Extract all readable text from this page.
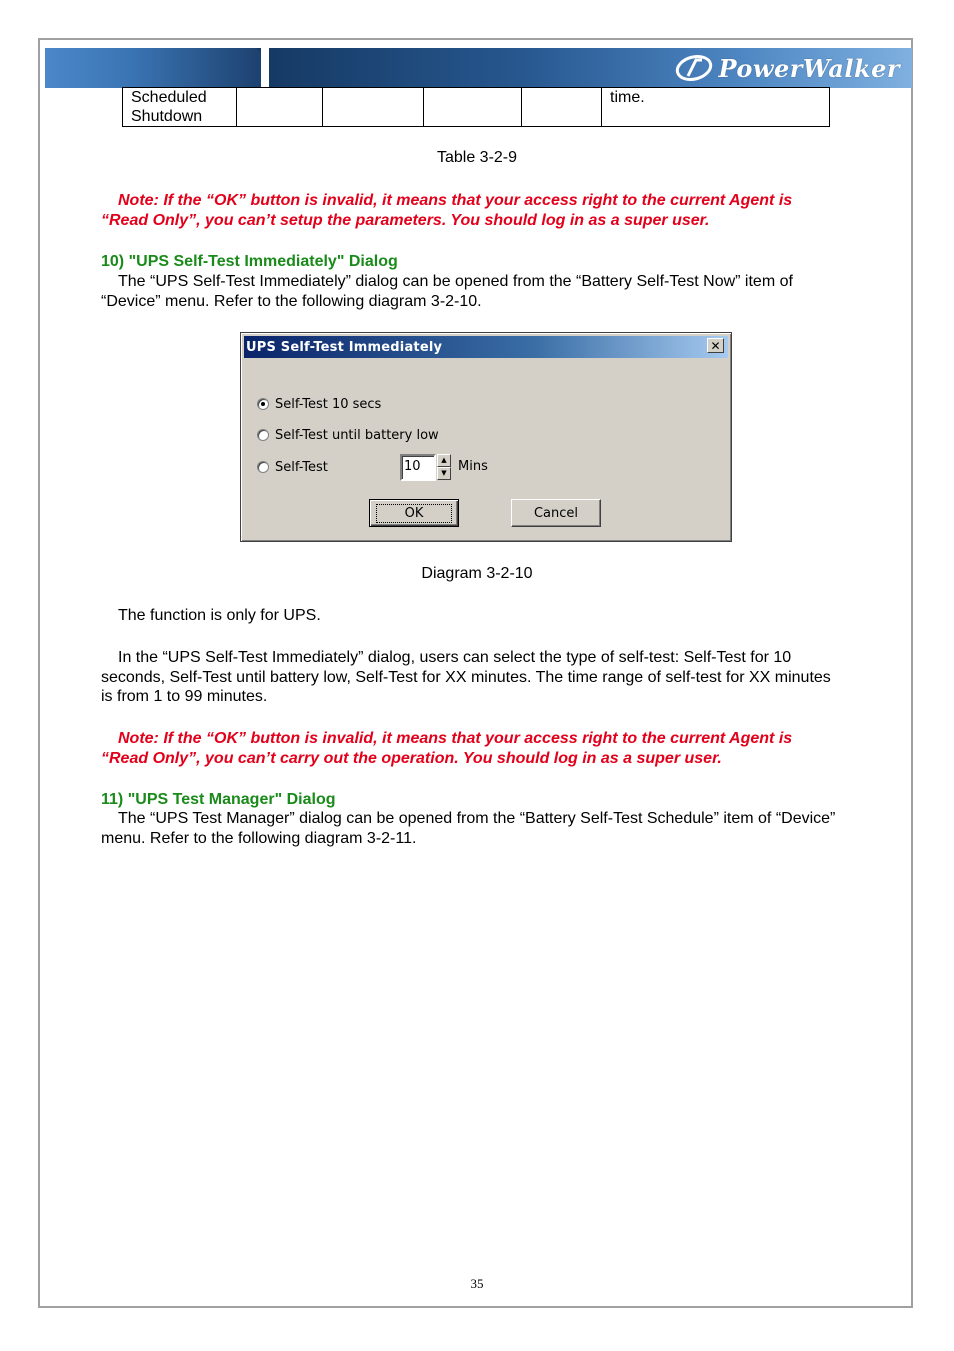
PowerWalker
Scheduled Shutdown					time.
Table 3-2-9
Note: If the “OK” button is invalid, it means that your access right to the current Agent is “Read Only”, you can’t setup the parameters. You should log in as a super user.
10) "UPS Self-Test Immediately" Dialog
The “UPS Self-Test Immediately” dialog can be opened from the “Battery Self-Test Now” item of “Device” menu. Refer to the following diagram 3-2-10.
UPS Self-Test Immediately	✕
Self-Test 10 secs
Self-Test until battery low
Self-Test	10	▲
▼ Mins
OK	Cancel
Diagram 3-2-10
The function is only for UPS.
In the “UPS Self-Test Immediately” dialog, users can select the type of self-test: Self-Test for 10 seconds, Self-Test until battery low, Self-Test for XX minutes. The time range of self-test for XX minutes is from 1 to 99 minutes.
Note: If the “OK” button is invalid, it means that your access right to the current Agent is “Read Only”, you can’t carry out the operation. You should log in as a super user.
11) "UPS Test Manager" Dialog
The “UPS Test Manager” dialog can be opened from the “Battery Self-Test Schedule” item of “Device” menu. Refer to the following diagram 3-2-11.
35
